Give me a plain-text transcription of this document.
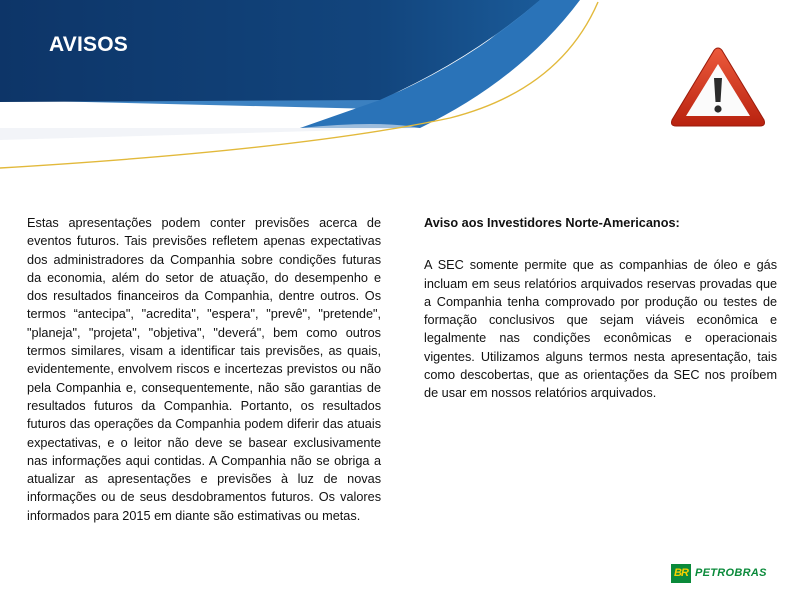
AVISOS

Estas apresentações podem conter previsões acerca de eventos futuros. Tais previsões refletem apenas expectativas dos administradores da Companhia sobre condições futuras da economia, além do setor de atuação, do desempenho e dos resultados financeiros da Companhia, dentre outros. Os termos “antecipa", "acredita", "espera", "prevê", "pretende", "planeja", "projeta", "objetiva", "deverá", bem como outros termos similares, visam a identificar tais previsões, as quais, evidentemente, envolvem riscos e incertezas previstos ou não pela Companhia e, consequentemente, não são garantias de resultados futuros da Companhia. Portanto, os resultados futuros das operações da Companhia podem diferir das atuais expectativas, e o leitor não deve se basear exclusivamente nas informações aqui contidas. A Companhia não se obriga a atualizar as apresentações e previsões à luz de novas informações ou de seus desdobramentos futuros. Os valores informados para 2015 em diante são estimativas ou metas.

Aviso aos Investidores Norte-Americanos:

A SEC somente permite que as companhias de óleo e gás incluam em seus relatórios arquivados reservas provadas que a Companhia tenha comprovado por produção ou testes de formação conclusivos que sejam viáveis econômica e legalmente nas condições econômicas e operacionais vigentes. Utilizamos alguns termos nesta apresentação, tais como descobertas, que as orientações da SEC nos proíbem de usar em nossos relatórios arquivados.

BR PETROBRAS
